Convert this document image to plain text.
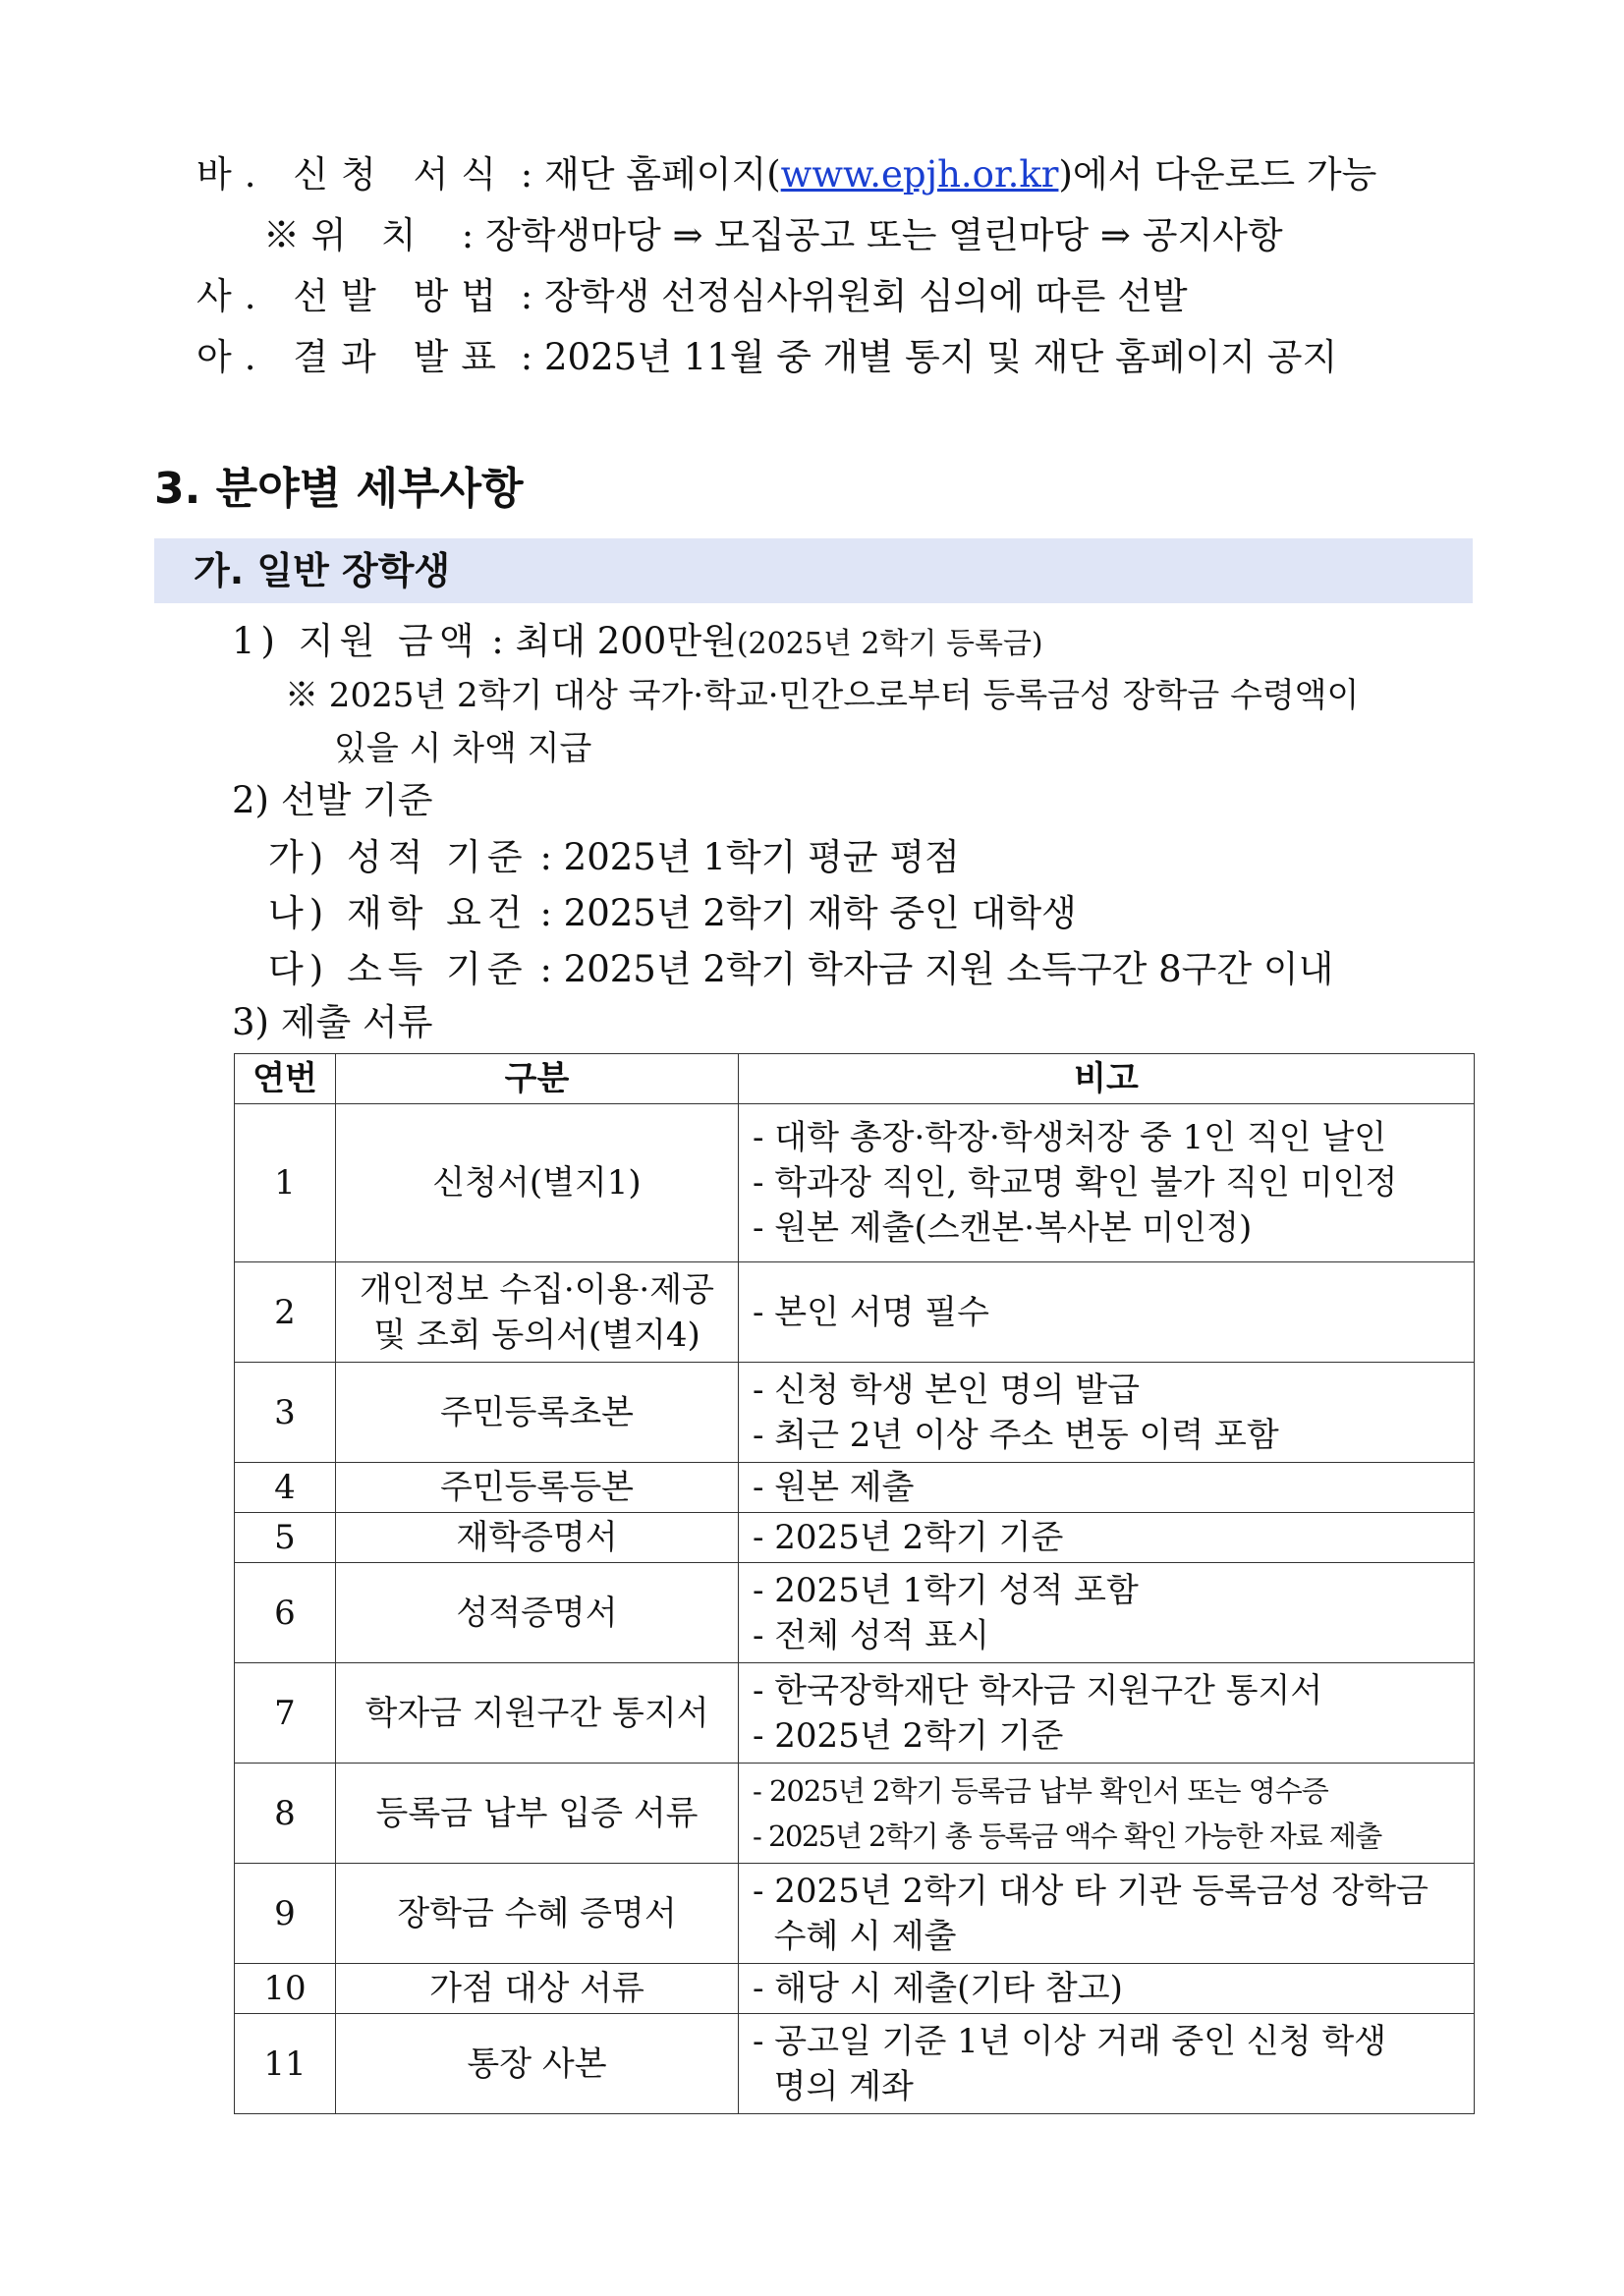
바. 신청 서식 : 재단 홈페이지(www.epjh.or.kr)에서 다운로드 가능
※ 위   치 : 장학생마당 ⇒ 모집공고 또는 열린마당 ⇒ 공지사항
사. 선발 방법 : 장학생 선정심사위원회 심의에 따른 선발
아. 결과 발표 : 2025년 11월 중 개별 통지 및 재단 홈페이지 공지
3. 분야별 세부사항
가. 일반 장학생
1) 지원 금액 : 최대 200만원(2025년 2학기 등록금)
※ 2025년 2학기 대상 국가·학교·민간으로부터 등록금성 장학금 수령액이
있을 시 차액 지급
2) 선발 기준
가) 성적 기준 : 2025년 1학기 평균 평점
나) 재학 요건 : 2025년 2학기 재학 중인 대학생
다) 소득 기준 : 2025년 2학기 학자금 지원 소득구간 8구간 이내
3) 제출 서류
연번	구분	비고
1	신청서(별지1)	- 대학 총장·학장·학생처장 중 1인 직인 날인
- 학과장 직인, 학교명 확인 불가 직인 미인정
- 원본 제출(스캔본·복사본 미인정)

2	개인정보 수집·이용·제공
및 조회 동의서(별지4)	- 본인 서명 필수

3	주민등록초본	- 신청 학생 본인 명의 발급
- 최근 2년 이상 주소 변동 이력 포함

4	주민등록등본	- 원본 제출

5	재학증명서	- 2025년 2학기 기준

6	성적증명서	- 2025년 1학기 성적 포함
- 전체 성적 표시

7	학자금 지원구간 통지서	- 한국장학재단 학자금 지원구간 통지서
- 2025년 2학기 기준

8	등록금 납부 입증 서류	- 2025년 2학기 등록금 납부 확인서 또는 영수증
- 2025년 2학기 총 등록금 액수 확인 가능한 자료 제출

9	장학금 수혜 증명서	- 2025년 2학기 대상 타 기관 등록금성 장학금
수혜 시 제출

10	가점 대상 서류	- 해당 시 제출(기타 참고)

11	통장 사본	- 공고일 기준 1년 이상 거래 중인 신청 학생
명의 계좌
